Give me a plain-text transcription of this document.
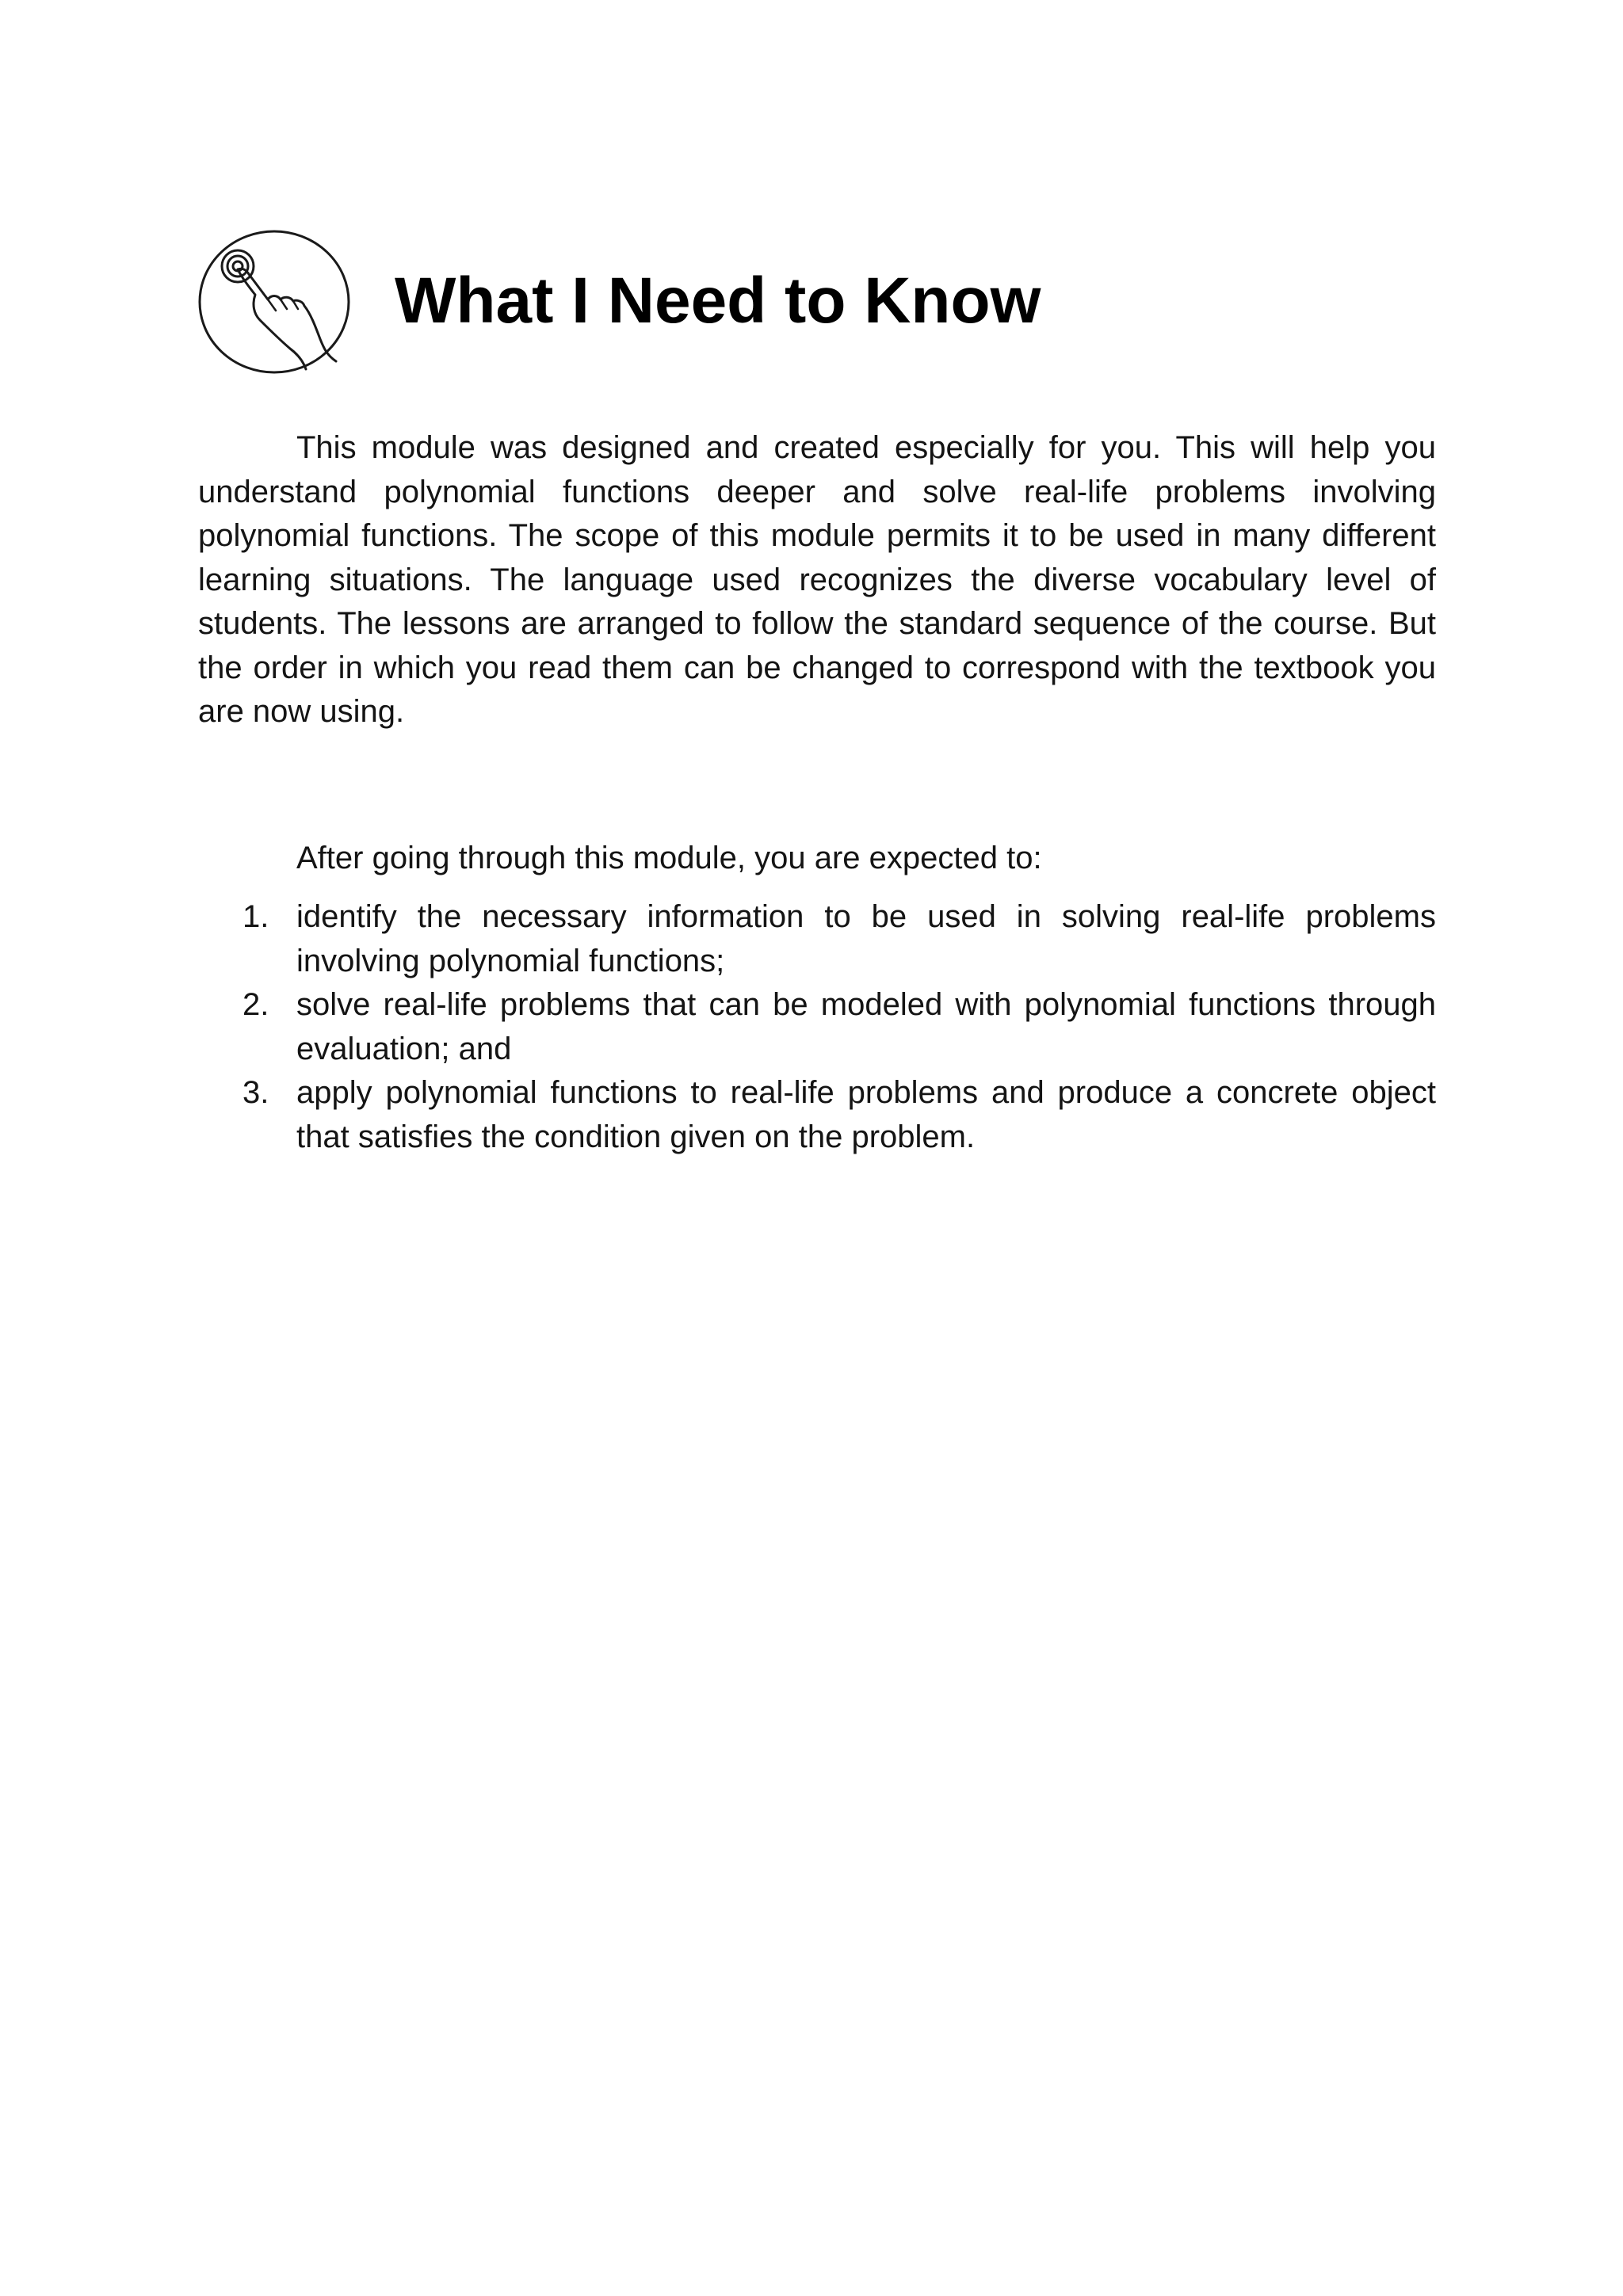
What I Need to Know

This module was designed and created especially for you. This will help you understand polynomial functions deeper and solve real-life problems involving polynomial functions. The scope of this module permits it to be used in many different learning situations. The language used recognizes the diverse vocabulary level of students. The lessons are arranged to follow the standard sequence of the course. But the order in which you read them can be changed to correspond with the textbook you are now using.

After going through this module, you are expected to:

1. identify the necessary information to be used in solving real-life problems involving polynomial functions;
2. solve real-life problems that can be modeled with polynomial functions through evaluation; and
3. apply polynomial functions to real-life problems and produce a concrete object that satisfies the condition given on the problem.
